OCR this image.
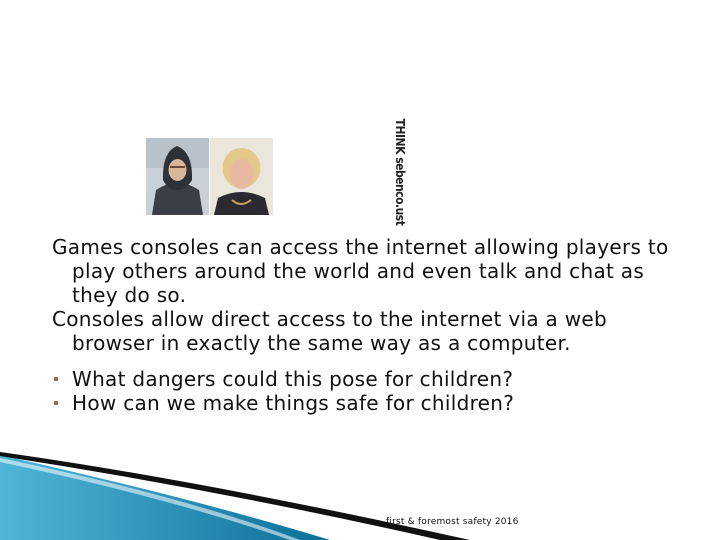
THINK sebenco.ust

Games consoles can access the internet allowing players to play others around the world and even talk and chat as they do so.

Consoles allow direct access to the internet via a web browser in exactly the same way as a computer.

What dangers could this pose for children?
How can we make things safe for children?
first & foremost safety 2016
